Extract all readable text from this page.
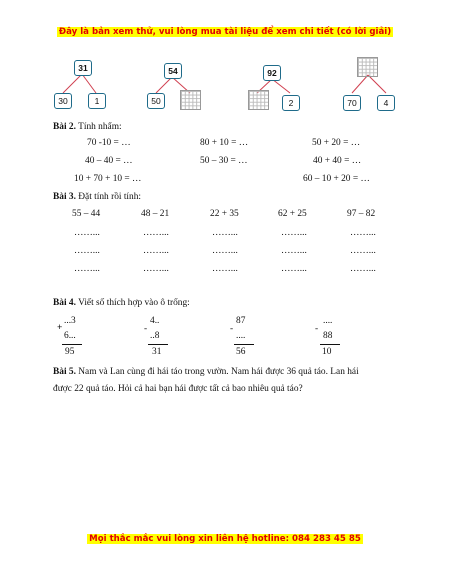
Đây là bản xem thử, vui lòng mua tài liệu để xem chi tiết (có lời giải)
31
30	1
54
50
92
2	70	4
Bài 2. Tính nhẩm:
70 -10 = …	80 + 10 = …	50 + 20 = …
40 – 40 = …	50 – 30 = …	40 + 40 = …
10 + 70 + 10 = …	60 – 10 + 20 = …
Bài 3. Đặt tính rồi tính:
55 – 44	48 – 21	22 + 35	62 + 25	97 – 82
……...	……...	……...	……...	……...
……...	……...	……...	……...	……...
……...	……...	……...	……...	……...
Bài 4. Viết số thích hợp vào ô trống:
...3
+
6...
95
4..
-
..8
31
87
-
....
56
....
-
88
10
Bài 5. Nam và Lan cùng đi hái táo trong vườn. Nam hái được 36 quả táo. Lan hái
được 22 quả táo. Hỏi cả hai bạn hái được tất cả bao nhiêu quả táo?
Mọi thắc mắc vui lòng xin liên hệ hotline: 084 283 45 85
